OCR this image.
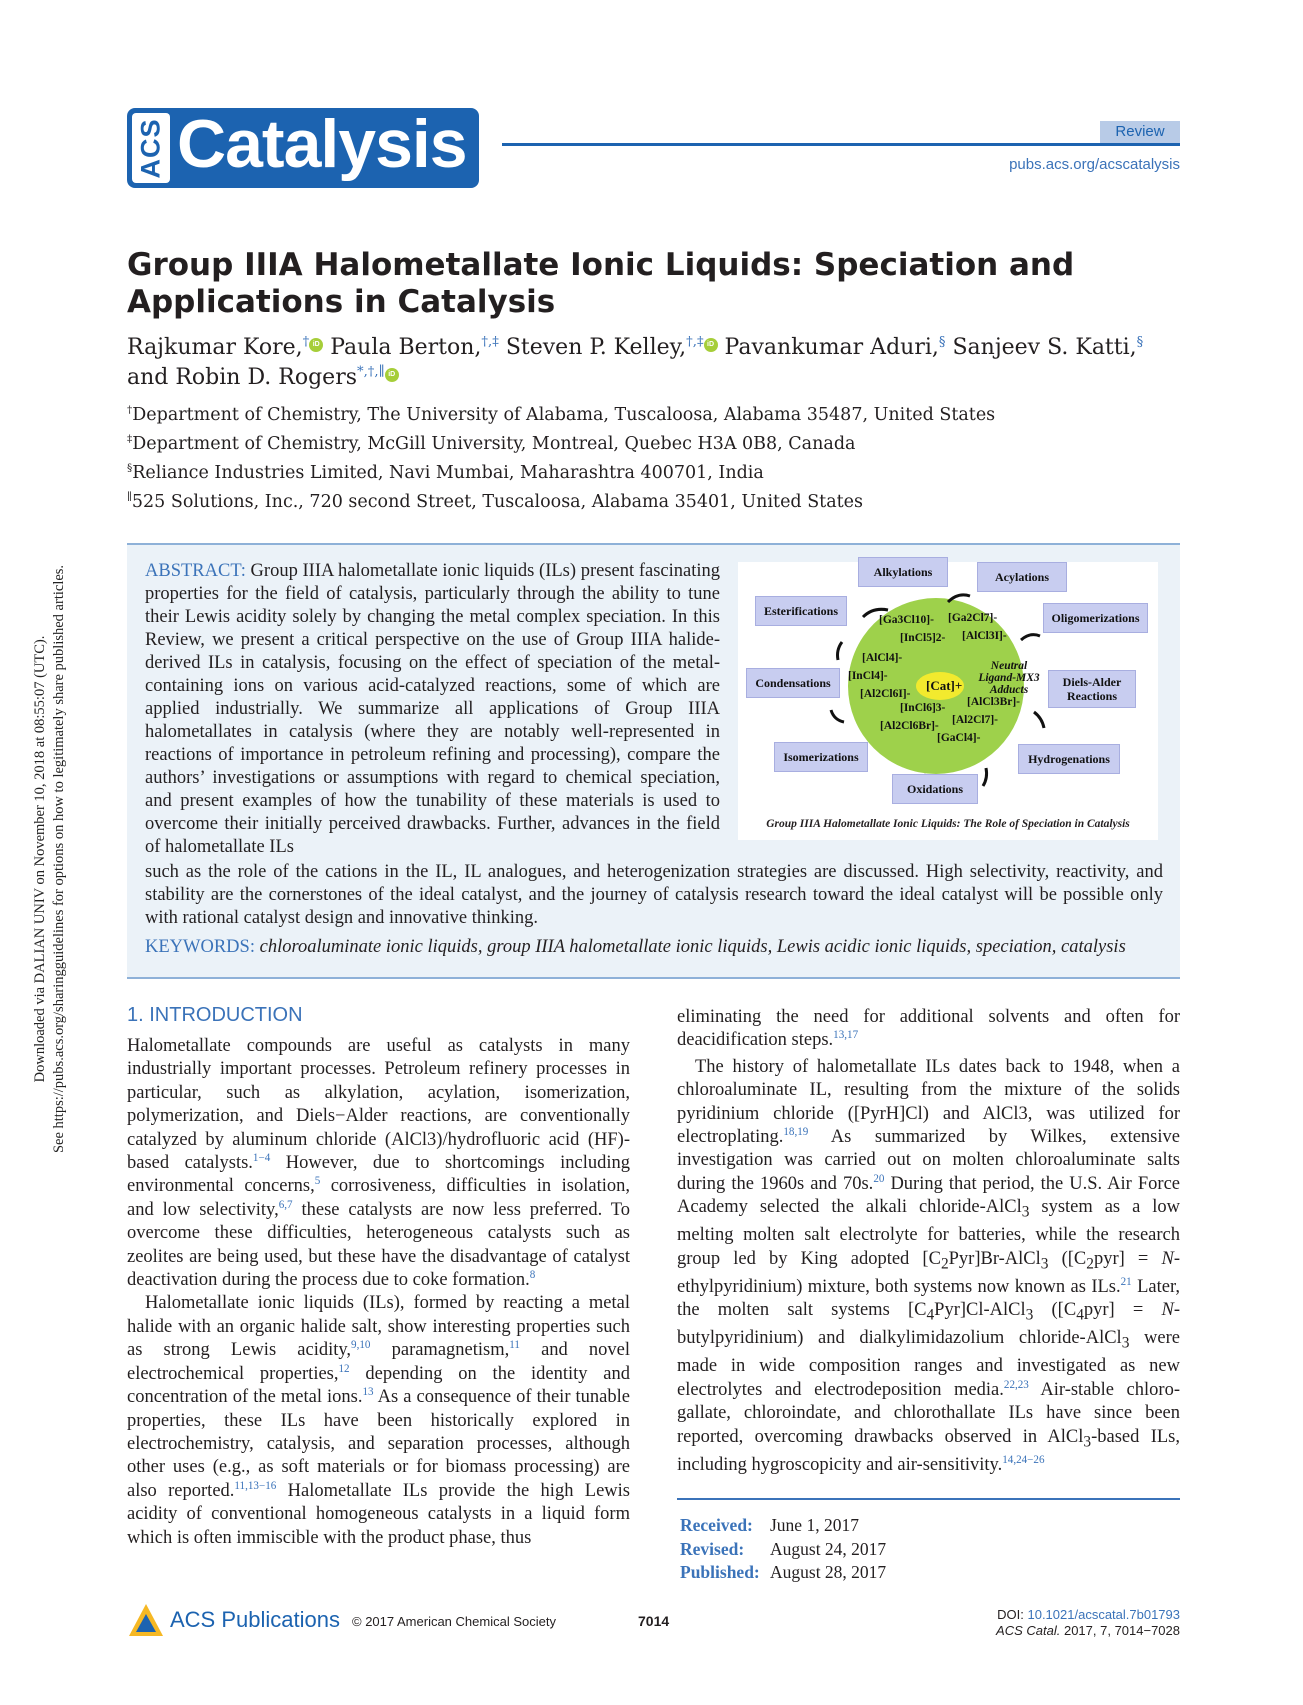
Downloaded via DALIAN UNIV on November 10, 2018 at 08:55:07 (UTC). See https://pubs.acs.org/sharingguidelines for options on how to legitimately share published articles.
ACS Catalysis	Review
pubs.acs.org/acscatalysis
Group IIIA Halometallate Ionic Liquids: Speciation and Applications in Catalysis
Rajkumar Kore,† iD Paula Berton,†,‡ Steven P. Kelley,†,‡ iD Pavankumar Aduri,§ Sanjeev S. Katti,§
and Robin D. Rogers*,†,∥ iD
†Department of Chemistry, The University of Alabama, Tuscaloosa, Alabama 35487, United States
‡Department of Chemistry, McGill University, Montreal, Quebec H3A 0B8, Canada
§Reliance Industries Limited, Navi Mumbai, Maharashtra 400701, India
∥525 Solutions, Inc., 720 second Street, Tuscaloosa, Alabama 35401, United States
ABSTRACT: Group IIIA halometallate ionic liquids (ILs) present fascinating properties for the field of catalysis, particularly through the ability to tune their Lewis acidity solely by changing the metal complex speciation. In this Review, we present a critical perspective on the use of Group IIIA halide-derived ILs in catalysis, focusing on the effect of speciation of the metal-containing ions on various acid-catalyzed reactions, some of which are applied industrially. We summarize all applications of Group IIIA halometallates in catalysis (where they are notably well-represented in reactions of importance in petroleum refining and processing), compare the authors’ investigations or assumptions with regard to chemical speciation, and present examples of how the tunability of these materials is used to overcome their initially perceived drawbacks. Further, advances in the field of halometallate ILs
such as the role of the cations in the IL, IL analogues, and heterogenization strategies are discussed. High selectivity, reactivity, and stability are the cornerstones of the ideal catalyst, and the journey of catalysis research toward the ideal catalyst will be possible only with rational catalyst design and innovative thinking.
KEYWORDS: chloroaluminate ionic liquids, group IIIA halometallate ionic liquids, Lewis acidic ionic liquids, speciation, catalysis
Alkylations	Acylations
Esterifications	Oligomerizations
Condensations	Diels-Alder Reactions
Isomerizations	Hydrogenations
Oxidations
[Ga3Cl10]- [Ga2Cl7]-
[InCl5]2- [AlCl3I]-
[AlCl4]-
[InCl4]-
[Al2Cl6I]-
[InCl6]3- [AlCl3Br]-
[Al2Cl7]-
[Al2Cl6Br]-
[GaCl4]-
[Cat]+
Neutral Ligand-MX3 Adducts
Group IIIA Halometallate Ionic Liquids: The Role of Speciation in Catalysis
1. INTRODUCTION

Halometallate compounds are useful as catalysts in many industrially important processes. Petroleum refinery processes in particular, such as alkylation, acylation, isomerization, polymerization, and Diels−Alder reactions, are conventionally catalyzed by aluminum chloride (AlCl3)/hydrofluoric acid (HF)-based catalysts.$^{1-4}$ However, due to shortcomings including environmental concerns,$^5$ corrosiveness, difficulties in isolation, and low selectivity,$^{6,7}$ these catalysts are now less preferred. To overcome these difficulties, heterogeneous catalysts such as zeolites are being used, but these have the disadvantage of catalyst deactivation during the process due to coke formation.$^8$

Halometallate ionic liquids (ILs), formed by reacting a metal halide with an organic halide salt, show interesting properties such as strong Lewis acidity,$^{9,10}$ paramagnetism,$^{11}$ and novel electrochemical properties,$^{12}$ depending on the identity and concentration of the metal ions.$^{13}$ As a consequence of their tunable properties, these ILs have been historically explored in electrochemistry, catalysis, and separation processes, although other uses (e.g., as soft materials or for biomass processing) are also reported.$^{11,13-16}$ Halometallate ILs provide the high Lewis acidity of conventional homogeneous catalysts in a liquid form which is often immiscible with the product phase, thus

eliminating the need for additional solvents and often for deacidification steps.$^{13,17}$

The history of halometallate ILs dates back to 1948, when a chloroaluminate IL, resulting from the mixture of the solids pyridinium chloride ([PyrH]Cl) and AlCl3, was utilized for electroplating.$^{18,19}$ As summarized by Wilkes, extensive investigation was carried out on molten chloroaluminate salts during the 1960s and 70s.$^{20}$ During that period, the U.S. Air Force Academy selected the alkali chloride-AlCl$_3$ system as a low melting molten salt electrolyte for batteries, while the research group led by King adopted $[C_2Pyr]Br-AlCl_3$ ($[C_2pyr]$ = N-ethylpyridinium) mixture, both systems now known as ILs.$^{21}$ Later, the molten salt systems $[C_4Pyr]Cl-AlCl_3$ ($[C_4pyr]$ = N-butylpyridinium) and dialkylimidazolium chloride-AlCl$_3$ were made in wide composition ranges and investigated as new electrolytes and electrodeposition media.$^{22,23}$ Air-stable chloro-gallate, chloroindate, and chlorothallate ILs have since been reported, overcoming drawbacks observed in AlCl$_3$-based ILs, including hygroscopicity and air-sensitivity.$^{14,24-26}$

Received: June 1, 2017
Revised: August 24, 2017
Published: August 28, 2017
ACS Publications © 2017 American Chemical Society	7014	DOI: 10.1021/acscatal.7b01793
ACS Catal. 2017, 7, 7014−7028
